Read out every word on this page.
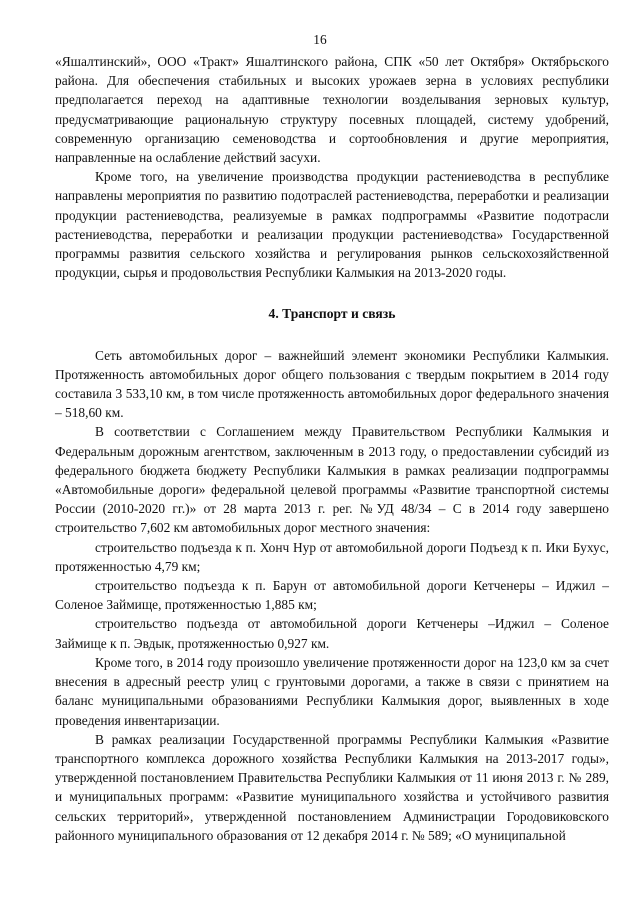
16

«Яшалтинский», ООО «Тракт» Яшалтинского района, СПК «50 лет Октября» Октябрьского района. Для обеспечения стабильных и высоких урожаев зерна в условиях республики предполагается переход на адаптивные технологии возделывания зерновых культур, предусматривающие рациональную структуру посевных площадей, систему удобрений, современную организацию семеноводства и сортообновления и другие мероприятия, направленные на ослабление действий засухи.

Кроме того, на увеличение производства продукции растениеводства в республике направлены мероприятия по развитию подотраслей растениеводства, переработки и реализации продукции растениеводства, реализуемые в рамках подпрограммы «Развитие подотрасли растениеводства, переработки и реализации продукции растениеводства» Государственной программы развития сельского хозяйства и регулирования рынков сельскохозяйственной продукции, сырья и продовольствия Республики Калмыкия на 2013-2020 годы.

4. Транспорт и связь

Сеть автомобильных дорог – важнейший элемент экономики Республики Калмыкия. Протяженность автомобильных дорог общего пользования с твердым покрытием в 2014 году составила 3 533,10 км, в том числе протяженность автомобильных дорог федерального значения – 518,60 км.

В соответствии с Соглашением между Правительством Республики Калмыкия и Федеральным дорожным агентством, заключенным в 2013 году, о предоставлении субсидий из федерального бюджета бюджету Республики Калмыкия в рамках реализации подпрограммы «Автомобильные дороги» федеральной целевой программы «Развитие транспортной системы России (2010-2020 гг.)» от 28 марта 2013 г. рег. №УД 48/34 – С в 2014 году завершено строительство 7,602 км автомобильных дорог местного значения:

строительство подъезда к п. Хонч Нур от автомобильной дороги Подъезд к п. Ики Бухус, протяженностью 4,79 км;

строительство подъезда к п. Барун от автомобильной дороги Кетченеры – Иджил – Соленое Займище, протяженностью 1,885 км;

строительство подъезда от автомобильной дороги Кетченеры –Иджил – Соленое Займище к п. Эвдык, протяженностью 0,927 км.

Кроме того, в 2014 году произошло увеличение протяженности дорог на 123,0 км за счет внесения в адресный реестр улиц с грунтовыми дорогами, а также в связи с принятием на баланс муниципальными образованиями Республики Калмыкия дорог, выявленных в ходе проведения инвентаризации.

В рамках реализации Государственной программы Республики Калмыкия «Развитие транспортного комплекса дорожного хозяйства Республики Калмыкия на 2013-2017 годы», утвержденной постановлением Правительства Республики Калмыкия от 11 июня 2013 г. № 289, и муниципальных программ: «Развитие муниципального хозяйства и устойчивого развития сельских территорий», утвержденной постановлением Администрации Городовиковского районного муниципального образования от 12 декабря 2014 г. № 589; «О муниципальной
